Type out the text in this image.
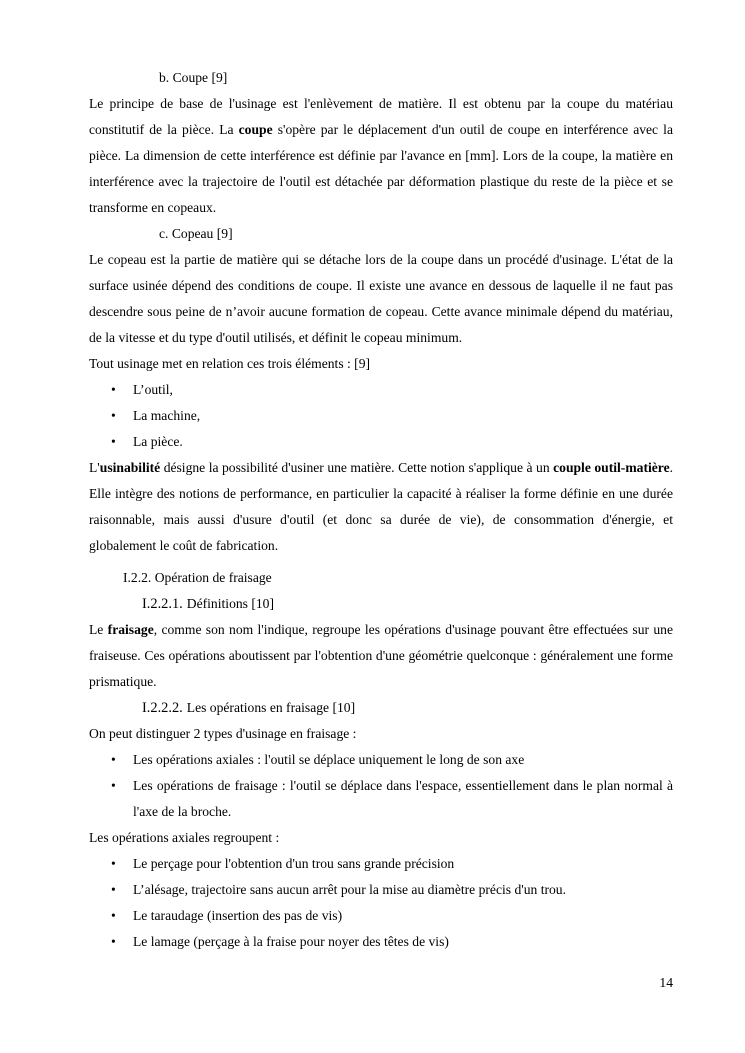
b. Coupe [9]
Le principe de base de l'usinage est l'enlèvement de matière. Il est obtenu par la coupe du matériau constitutif de la pièce. La coupe s'opère par le déplacement d'un outil de coupe en interférence avec la pièce. La dimension de cette interférence est définie par l'avance en [mm]. Lors de la coupe, la matière en interférence avec la trajectoire de l'outil est détachée par déformation plastique du reste de la pièce et se transforme en copeaux.
c. Copeau [9]
Le copeau est la partie de matière qui se détache lors de la coupe dans un procédé d'usinage. L'état de la surface usinée dépend des conditions de coupe. Il existe une avance en dessous de laquelle il ne faut pas descendre sous peine de n’avoir aucune formation de copeau. Cette avance minimale dépend du matériau, de la vitesse et du type d'outil utilisés, et définit le copeau minimum.
Tout usinage met en relation ces trois éléments : [9]
• L’outil,
• La machine,
• La pièce.
L'usinabilité désigne la possibilité d'usiner une matière. Cette notion s'applique à un couple outil-matière. Elle intègre des notions de performance, en particulier la capacité à réaliser la forme définie en une durée raisonnable, mais aussi d'usure d'outil (et donc sa durée de vie), de consommation d'énergie, et globalement le coût de fabrication.
I.2.2. Opération de fraisage
I.2.2.1. Définitions [10]
Le fraisage, comme son nom l'indique, regroupe les opérations d'usinage pouvant être effectuées sur une fraiseuse. Ces opérations aboutissent par l'obtention d'une géométrie quelconque : généralement une forme prismatique.
I.2.2.2. Les opérations en fraisage [10]
On peut distinguer 2 types d'usinage en fraisage :
• Les opérations axiales : l'outil se déplace uniquement le long de son axe
• Les opérations de fraisage : l'outil se déplace dans l'espace, essentiellement dans le plan normal à l'axe de la broche.
Les opérations axiales regroupent :
• Le perçage pour l'obtention d'un trou sans grande précision
• L’alésage, trajectoire sans aucun arrêt pour la mise au diamètre précis d'un trou.
• Le taraudage (insertion des pas de vis)
• Le lamage (perçage à la fraise pour noyer des têtes de vis)
14
